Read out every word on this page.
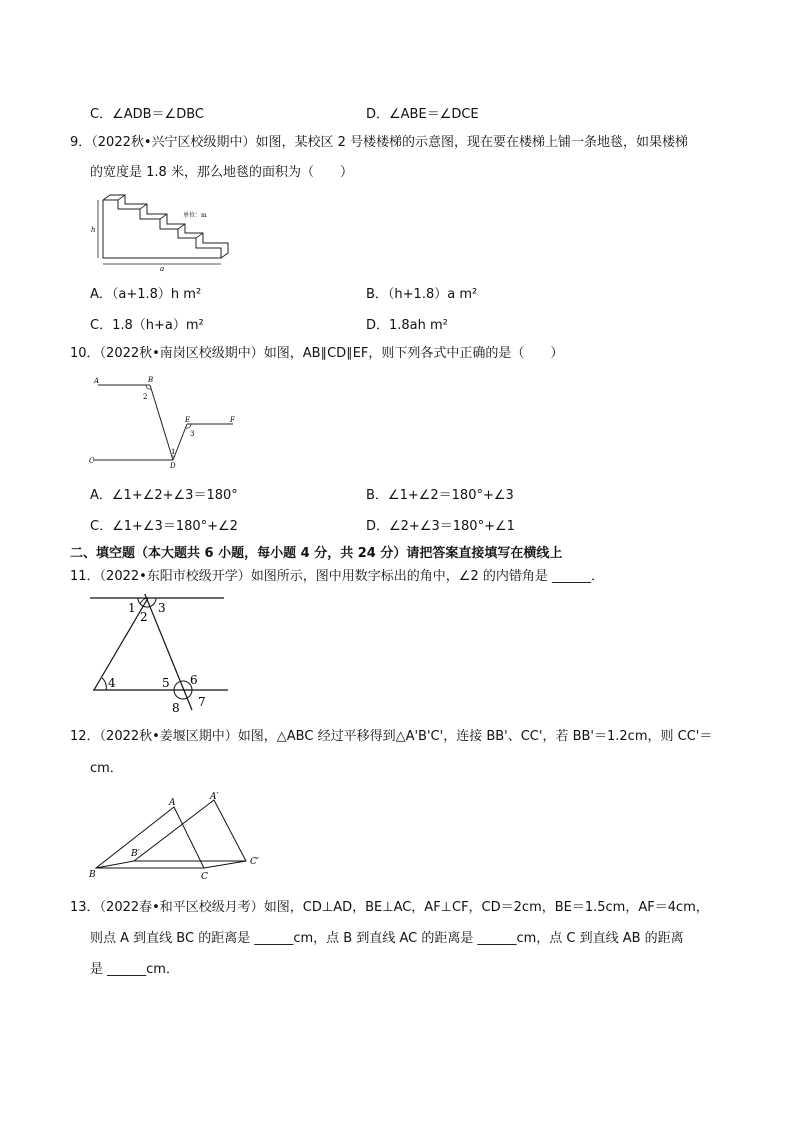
C．∠ADB＝∠DBC	D．∠ABE＝∠DCE
9．（2022秋•兴宁区校级期中）如图，某校区 2 号楼楼梯的示意图，现在要在楼梯上铺一条地毯，如果楼梯
的宽度是 1.8 米，那么地毯的面积为（　　）
h
a
单位：m
A．（a+1.8）h m²	B．（h+1.8）a m²
C．1.8（h+a）m²	D．1.8ah m²
10．（2022秋•南岗区校级期中）如图，AB∥CD∥EF，则下列各式中正确的是（　　）
A	B
C
D
E	F
1
2
3
A．∠1+∠2+∠3＝180°	B．∠1+∠2＝180°+∠3
C．∠1+∠3＝180°+∠2	D．∠2+∠3＝180°+∠1
二、填空题（本大题共 6 小题，每小题 4 分，共 24 分）请把答案直接填写在横线上
11．（2022•东阳市校级开学）如图所示，图中用数字标出的角中，∠2 的内错角是 ______．
1
2
3
4	5 6
7
8
12．（2022秋•姜堰区期中）如图，△ABC 经过平移得到△A'B'C'，连接 BB'、CC'，若 BB'＝1.2cm，则 CC'＝
cm．
A
A′
B
B′
C
C′
13．（2022春•和平区校级月考）如图，CD⊥AD，BE⊥AC，AF⊥CF，CD＝2cm，BE＝1.5cm，AF＝4cm，
则点 A 到直线 BC 的距离是 ______cm，点 B 到直线 AC 的距离是 ______cm，点 C 到直线 AB 的距离
是 ______cm．
